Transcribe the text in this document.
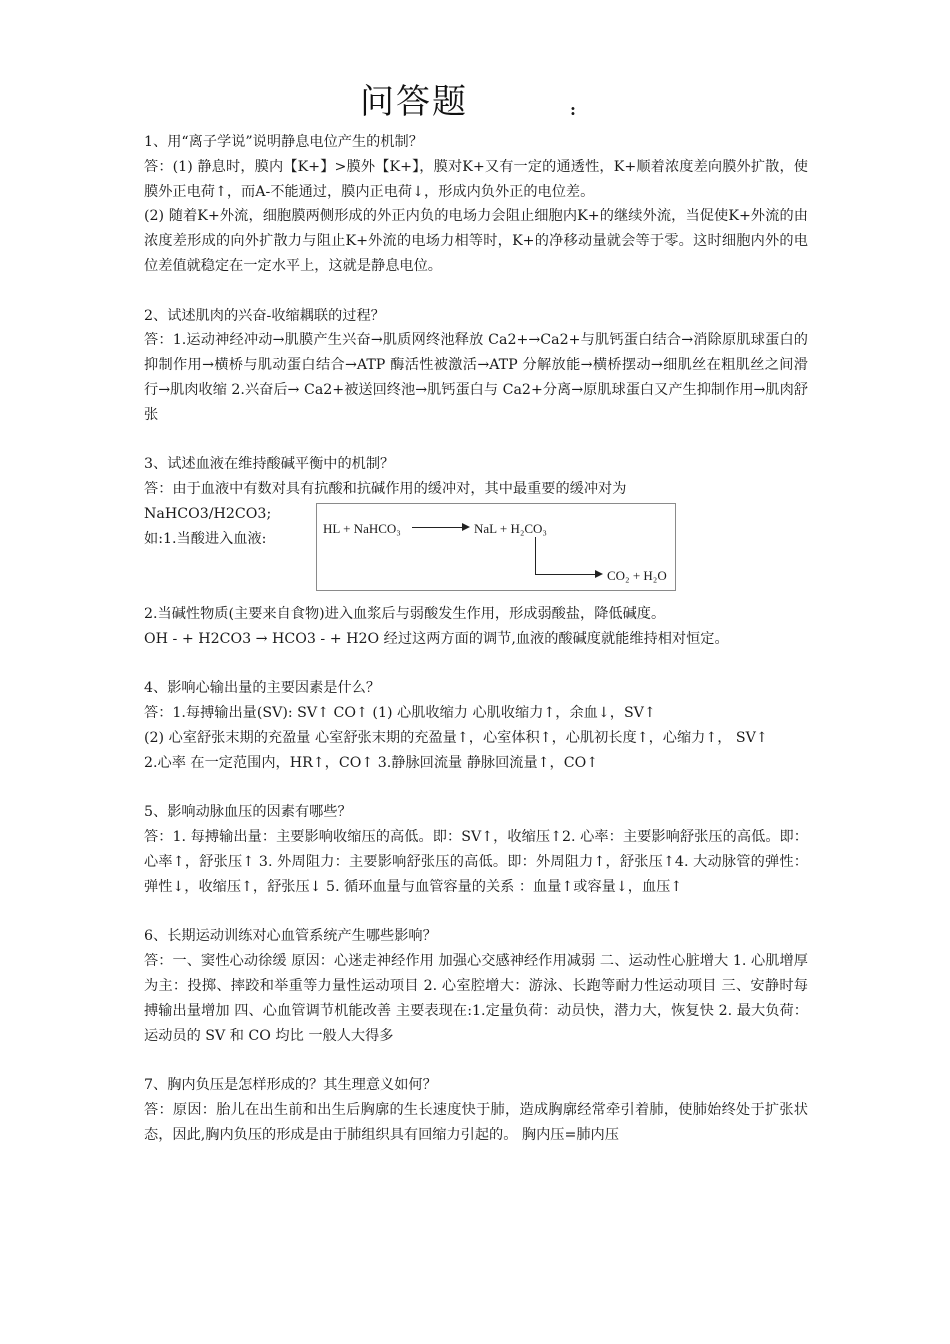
问答题	:

1、用“离子学说”说明静息电位产生的机制？

答：(1) 静息时，膜内【K+】>膜外【K+】，膜对K+又有一定的通透性，K+顺着浓度差向膜外扩散，使膜外正电荷↑，而A-不能通过，膜内正电荷↓，形成内负外正的电位差。

(2) 随着K+外流，细胞膜两侧形成的外正内负的电场力会阻止细胞内K+的继续外流，当促使K+外流的由浓度差形成的向外扩散力与阻止K+外流的电场力相等时，K+的净移动量就会等于零。这时细胞内外的电位差值就稳定在一定水平上，这就是静息电位。

2、试述肌肉的兴奋-收缩耦联的过程？

答：1.运动神经冲动→肌膜产生兴奋→肌质网终池释放 Ca2+→Ca2+与肌钙蛋白结合→消除原肌球蛋白的抑制作用→横桥与肌动蛋白结合→ATP 酶活性被激活→ATP 分解放能→横桥摆动→细肌丝在粗肌丝之间滑行→肌肉收缩 2.兴奋后→ Ca2+被送回终池→肌钙蛋白与 Ca2+分离→原肌球蛋白又产生抑制作用→肌肉舒张

3、试述血液在维持酸碱平衡中的机制？

答：由于血液中有数对具有抗酸和抗碱作用的缓冲对，其中最重要的缓冲对为

NaHCO3/H2CO3;
如:1.当酸进入血液:
HL + NaHCO₃	NaL + H₂CO₃
CO₂ + H₂O

2.当碱性物质(主要来自食物)进入血浆后与弱酸发生作用，形成弱酸盐，降低碱度。

OH - + H2CO3 → HCO3 - + H2O 经过这两方面的调节,血液的酸碱度就能维持相对恒定。

4、影响心输出量的主要因素是什么？

答：1.每搏输出量(SV): SV↑ CO↑ (1) 心肌收缩力 心肌收缩力↑，余血↓，SV↑

(2) 心室舒张末期的充盈量 心室舒张末期的充盈量↑，心室体积↑，心肌初长度↑，心缩力↑， SV↑

2.心率 在一定范围内，HR↑，CO↑ 3.静脉回流量 静脉回流量↑，CO↑

5、影响动脉血压的因素有哪些？

答：1. 每搏输出量：主要影响收缩压的高低。即：SV↑，收缩压↑2. 心率：主要影响舒张压的高低。即：心率↑，舒张压↑ 3. 外周阻力：主要影响舒张压的高低。即：外周阻力↑，舒张压↑4. 大动脉管的弹性：弹性↓，收缩压↑，舒张压↓ 5. 循环血量与血管容量的关系 ：血量↑或容量↓，血压↑

6、长期运动训练对心血管系统产生哪些影响？

答：一、窦性心动徐缓 原因：心迷走神经作用 加强心交感神经作用减弱 二、运动性心脏增大 1. 心肌增厚为主：投掷、摔跤和举重等力量性运动项目 2. 心室腔增大：游泳、长跑等耐力性运动项目 三、安静时每搏输出量增加 四、心血管调节机能改善 主要表现在:1.定量负荷：动员快，潜力大，恢复快 2. 最大负荷：运动员的 SV 和 CO 均比 一般人大得多

7、胸内负压是怎样形成的？其生理意义如何？

答：原因：胎儿在出生前和出生后胸廓的生长速度快于肺，造成胸廓经常牵引着肺，使肺始终处于扩张状态，因此,胸内负压的形成是由于肺组织具有回缩力引起的。 胸内压=肺内压
